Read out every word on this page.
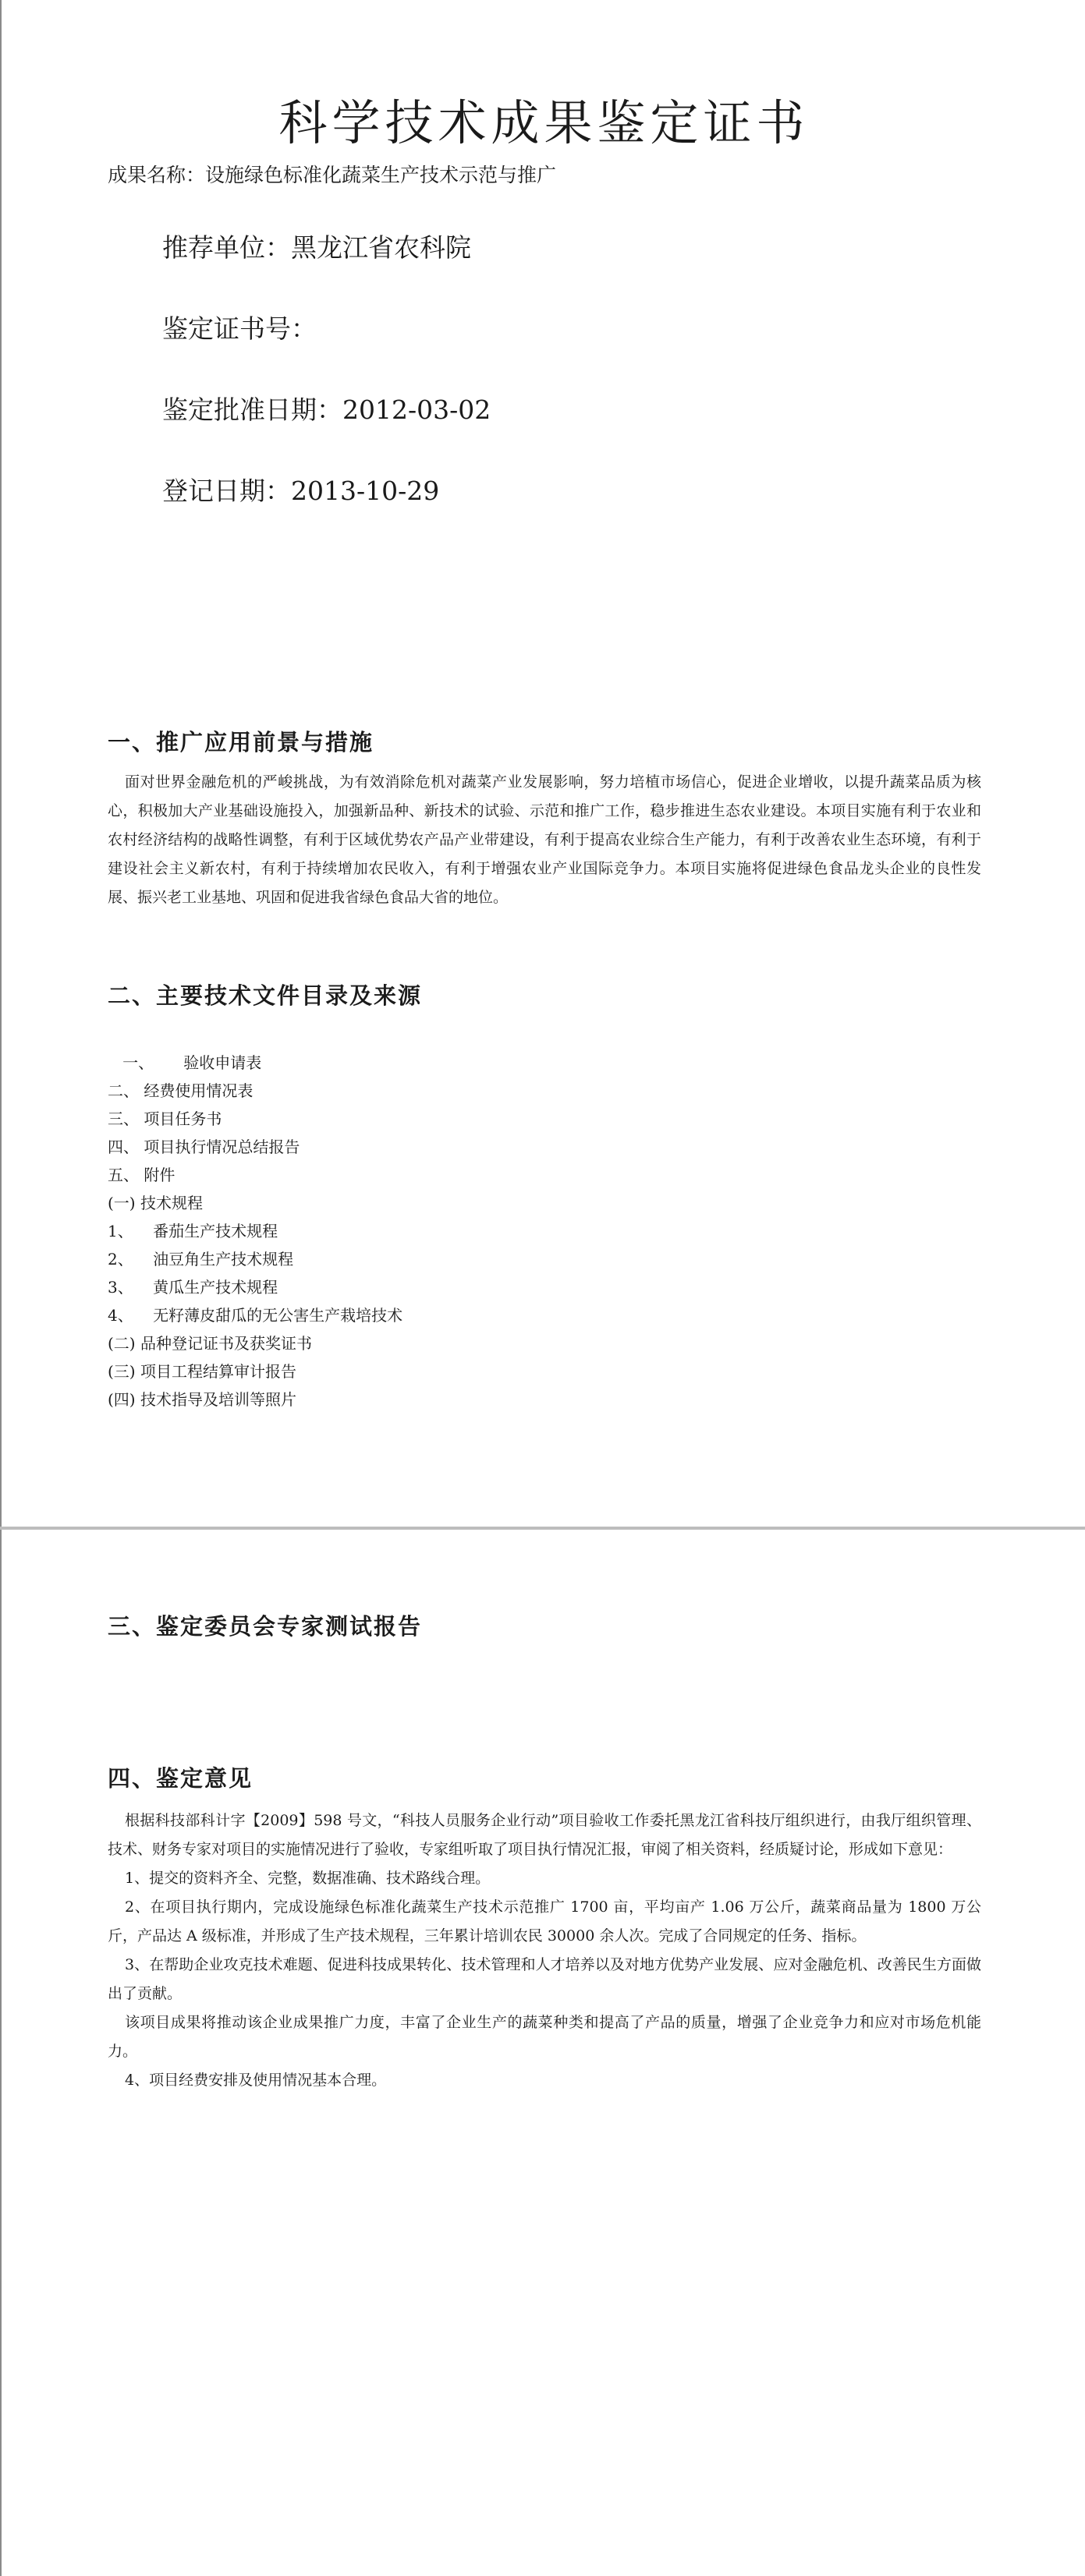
科学技术成果鉴定证书

成果名称：设施绿色标准化蔬菜生产技术示范与推广

推荐单位：黑龙江省农科院

鉴定证书号：

鉴定批准日期：2012-03-02

登记日期：2013-10-29

一、推广应用前景与措施

面对世界金融危机的严峻挑战，为有效消除危机对蔬菜产业发展影响，努力培植市场信心，促进企业增收，以提升蔬菜品质为核心，积极加大产业基础设施投入，加强新品种、新技术的试验、示范和推广工作，稳步推进生态农业建设。本项目实施有利于农业和农村经济结构的战略性调整，有利于区域优势农产品产业带建设，有利于提高农业综合生产能力，有利于改善农业生态环境，有利于建设社会主义新农村，有利于持续增加农民收入，有利于增强农业产业国际竞争力。本项目实施将促进绿色食品龙头企业的良性发展、振兴老工业基地、巩固和促进我省绿色食品大省的地位。

二、主要技术文件目录及来源
一、      验收申请表
二、 经费使用情况表
三、 项目任务书
四、 项目执行情况总结报告
五、 附件
(一) 技术规程
1、    番茄生产技术规程
2、    油豆角生产技术规程
3、    黄瓜生产技术规程
4、    无籽薄皮甜瓜的无公害生产栽培技术
(二) 品种登记证书及获奖证书
(三) 项目工程结算审计报告
(四) 技术指导及培训等照片
三、鉴定委员会专家测试报告
四、鉴定意见
根据科技部科计字【2009】598 号文，“科技人员服务企业行动”项目验收工作委托黑龙江省科技厅组织进行，由我厅组织管理、技术、财务专家对项目的实施情况进行了验收，专家组听取了项目执行情况汇报，审阅了相关资料，经质疑讨论，形成如下意见：
1、提交的资料齐全、完整，数据准确、技术路线合理。
2、在项目执行期内，完成设施绿色标准化蔬菜生产技术示范推广 1700 亩，平均亩产 1.06 万公斤，蔬菜商品量为 1800 万公斤，产品达 A 级标准，并形成了生产技术规程，三年累计培训农民 30000 余人次。完成了合同规定的任务、指标。
3、在帮助企业攻克技术难题、促进科技成果转化、技术管理和人才培养以及对地方优势产业发展、应对金融危机、改善民生方面做出了贡献。
该项目成果将推动该企业成果推广力度，丰富了企业生产的蔬菜种类和提高了产品的质量，增强了企业竞争力和应对市场危机能力。
4、项目经费安排及使用情况基本合理。
